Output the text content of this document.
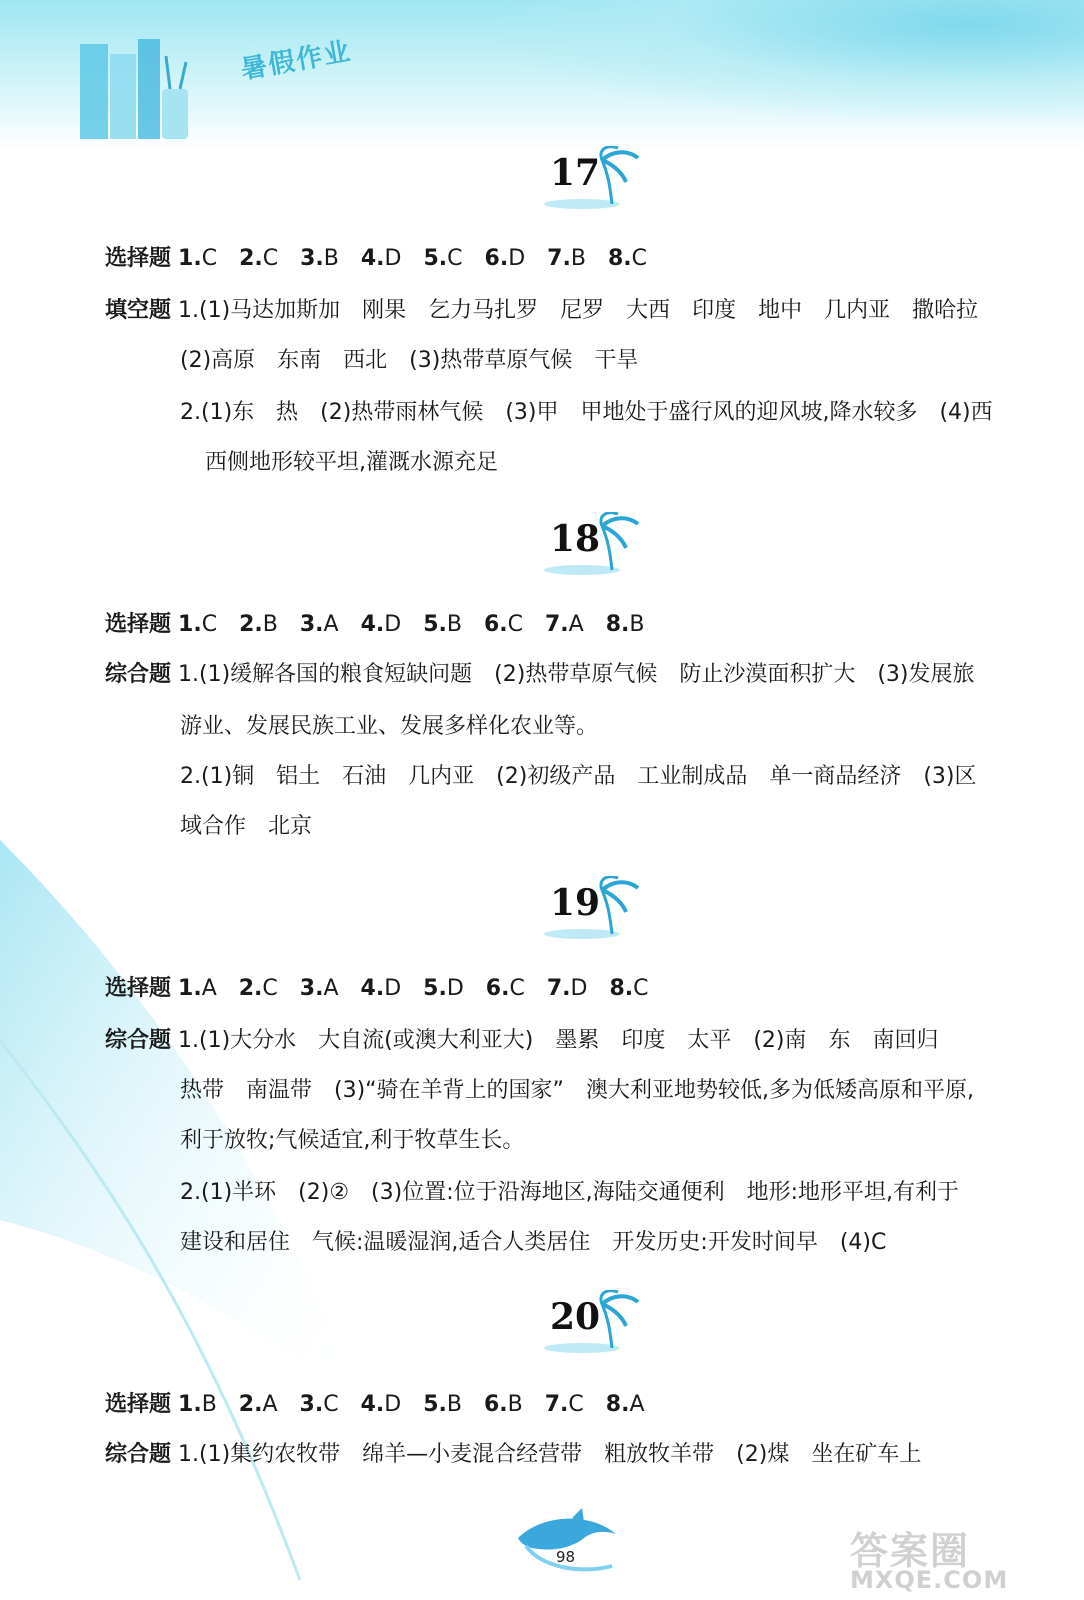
暑假作业
17
选择题 1.C 2.C 3.B 4.D 5.C 6.D 7.B 8.C
填空题 1.(1)马达加斯加　刚果　乞力马扎罗　尼罗　大西　印度　地中　几内亚　撒哈拉
(2)高原　东南　西北　(3)热带草原气候　干旱
2.(1)东　热　(2)热带雨林气候　(3)甲　甲地处于盛行风的迎风坡,降水较多　(4)西
西侧地形较平坦,灌溉水源充足
18
选择题 1.C 2.B 3.A 4.D 5.B 6.C 7.A 8.B
综合题 1.(1)缓解各国的粮食短缺问题　(2)热带草原气候　防止沙漠面积扩大　(3)发展旅
游业、发展民族工业、发展多样化农业等。
2.(1)铜　铝土　石油　几内亚　(2)初级产品　工业制成品　单一商品经济　(3)区
域合作　北京
19
选择题 1.A 2.C 3.A 4.D 5.D 6.C 7.D 8.C
综合题 1.(1)大分水　大自流(或澳大利亚大)　墨累　印度　太平　(2)南　东　南回归
热带　南温带　(3)“骑在羊背上的国家”　澳大利亚地势较低,多为低矮高原和平原,
利于放牧;气候适宜,利于牧草生长。
2.(1)半环　(2)②　(3)位置:位于沿海地区,海陆交通便利　地形:地形平坦,有利于
建设和居住　气候:温暖湿润,适合人类居住　开发历史:开发时间早　(4)C
20
选择题 1.B 2.A 3.C 4.D 5.B 6.B 7.C 8.A
综合题 1.(1)集约农牧带　绵羊—小麦混合经营带　粗放牧羊带　(2)煤　坐在矿车上
98	答案圈
MXQE.COM
